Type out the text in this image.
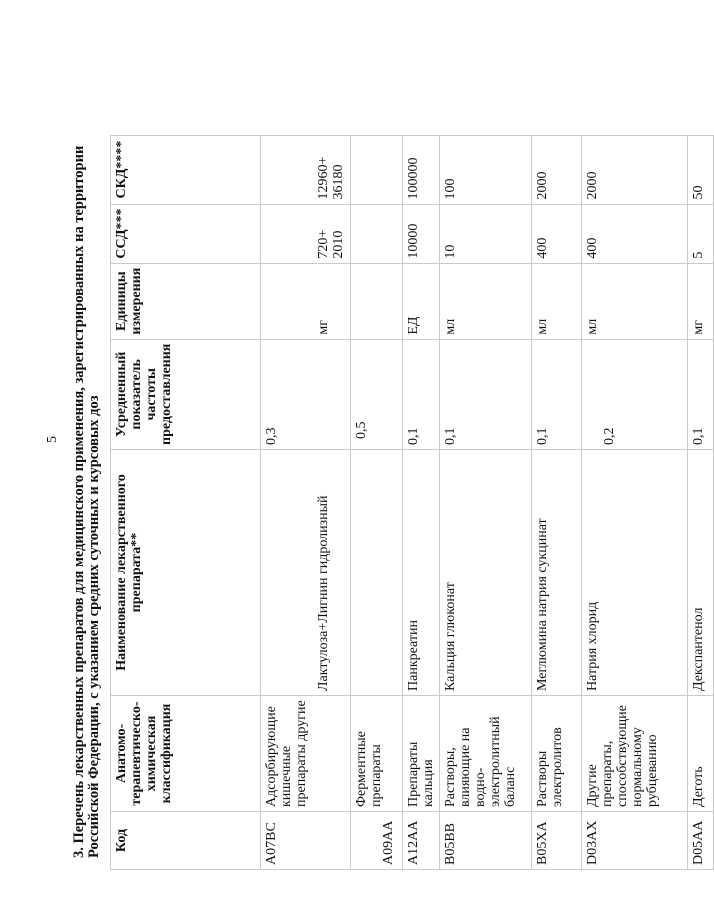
5 3. Перечень лекарственных препаратов для медицинского применения, зарегистрированных на территории Российской Федерации, с указанием средних суточных и курсовых доз Код	Анатомо-терапевтическо-химическая классификация	Наименование лекарственного препарата**	Усредненный показатель частоты предоставления	Единицы измерения	ССД***	СКД****
A07BC	Адсорбирующие кишечные препараты другие	Лактулоза+Лигнин гидролизный	0,3	мг	720+ 2010	12960+ 36180
A09AA	Ферментные препараты		0,5			
A12AA	Препараты кальция	Панкреатин	0,1	ЕД	10000	100000
B05BB	Растворы, влияющие на водно-электролитный баланс	Кальция глюконат	0,1	мл	10	100
B05XA	Растворы электролитов	Меглюмина натрия сукцинат	0,1	мл	400	2000
D03AX	Другие препараты, способствующие нормальному рубцеванию	Натрия хлорид	0,2	мл	400	2000
D05AA	Деготь	Декспантенол	0,1	мг	5	50
